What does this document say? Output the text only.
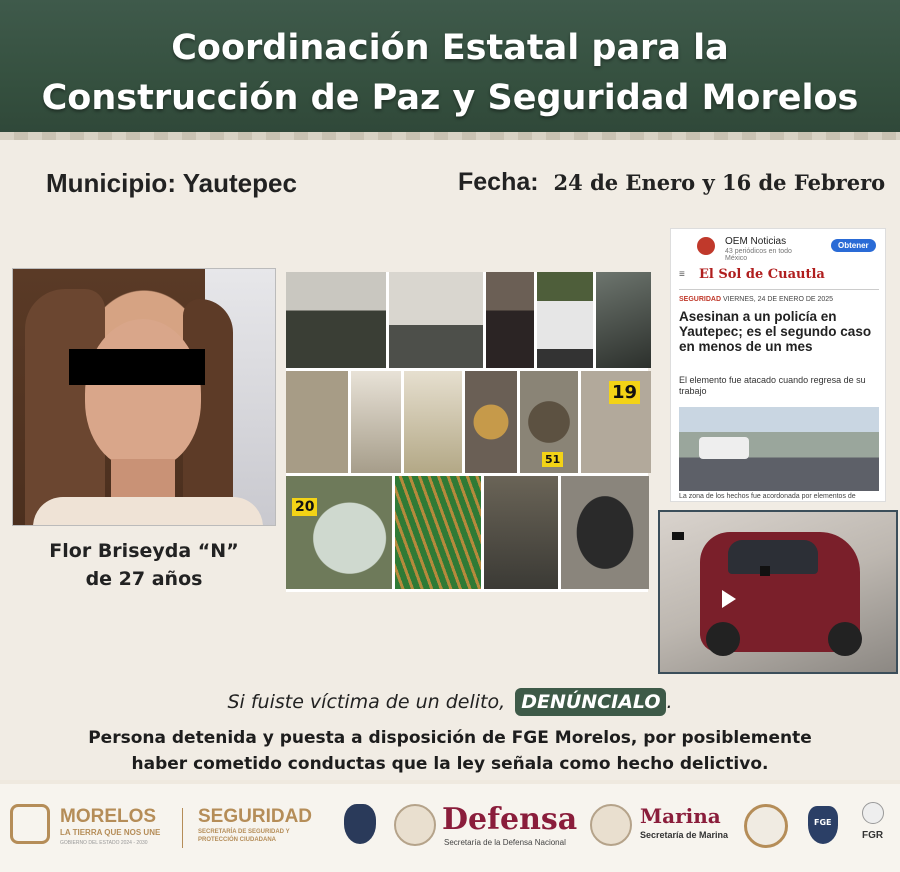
Coordinación Estatal para la
Construcción de Paz y Seguridad Morelos
Municipio: Yautepec	Fecha: 24 de Enero y 16 de Febrero
Flor Briseyda “N”
de 27 años
51
19
20
OEM Noticias
43 periódicos en todo México
Obtener
≡ El Sol de Cuautla
SEGURIDAD VIERNES, 24 DE ENERO DE 2025
Asesinan a un policía en Yautepec; es el segundo caso en menos de un mes
El elemento fue atacado cuando regresa de su trabajo
La zona de los hechos fue acordonada por elementos de
Si fuiste víctima de un delito, DENÚNCIALO .
Persona detenida y puesta a disposición de FGE Morelos, por posiblemente
haber cometido conductas que la ley señala como hecho delictivo.
MORELOS
LA TIERRA QUE NOS UNE
GOBIERNO DEL ESTADO 2024 - 2030
SEGURIDAD
SECRETARÍA DE SEGURIDAD Y PROTECCIÓN CIUDADANA
Defensa
Secretaría de la Defensa Nacional
Marina
Secretaría de Marina
FGE
FGR
